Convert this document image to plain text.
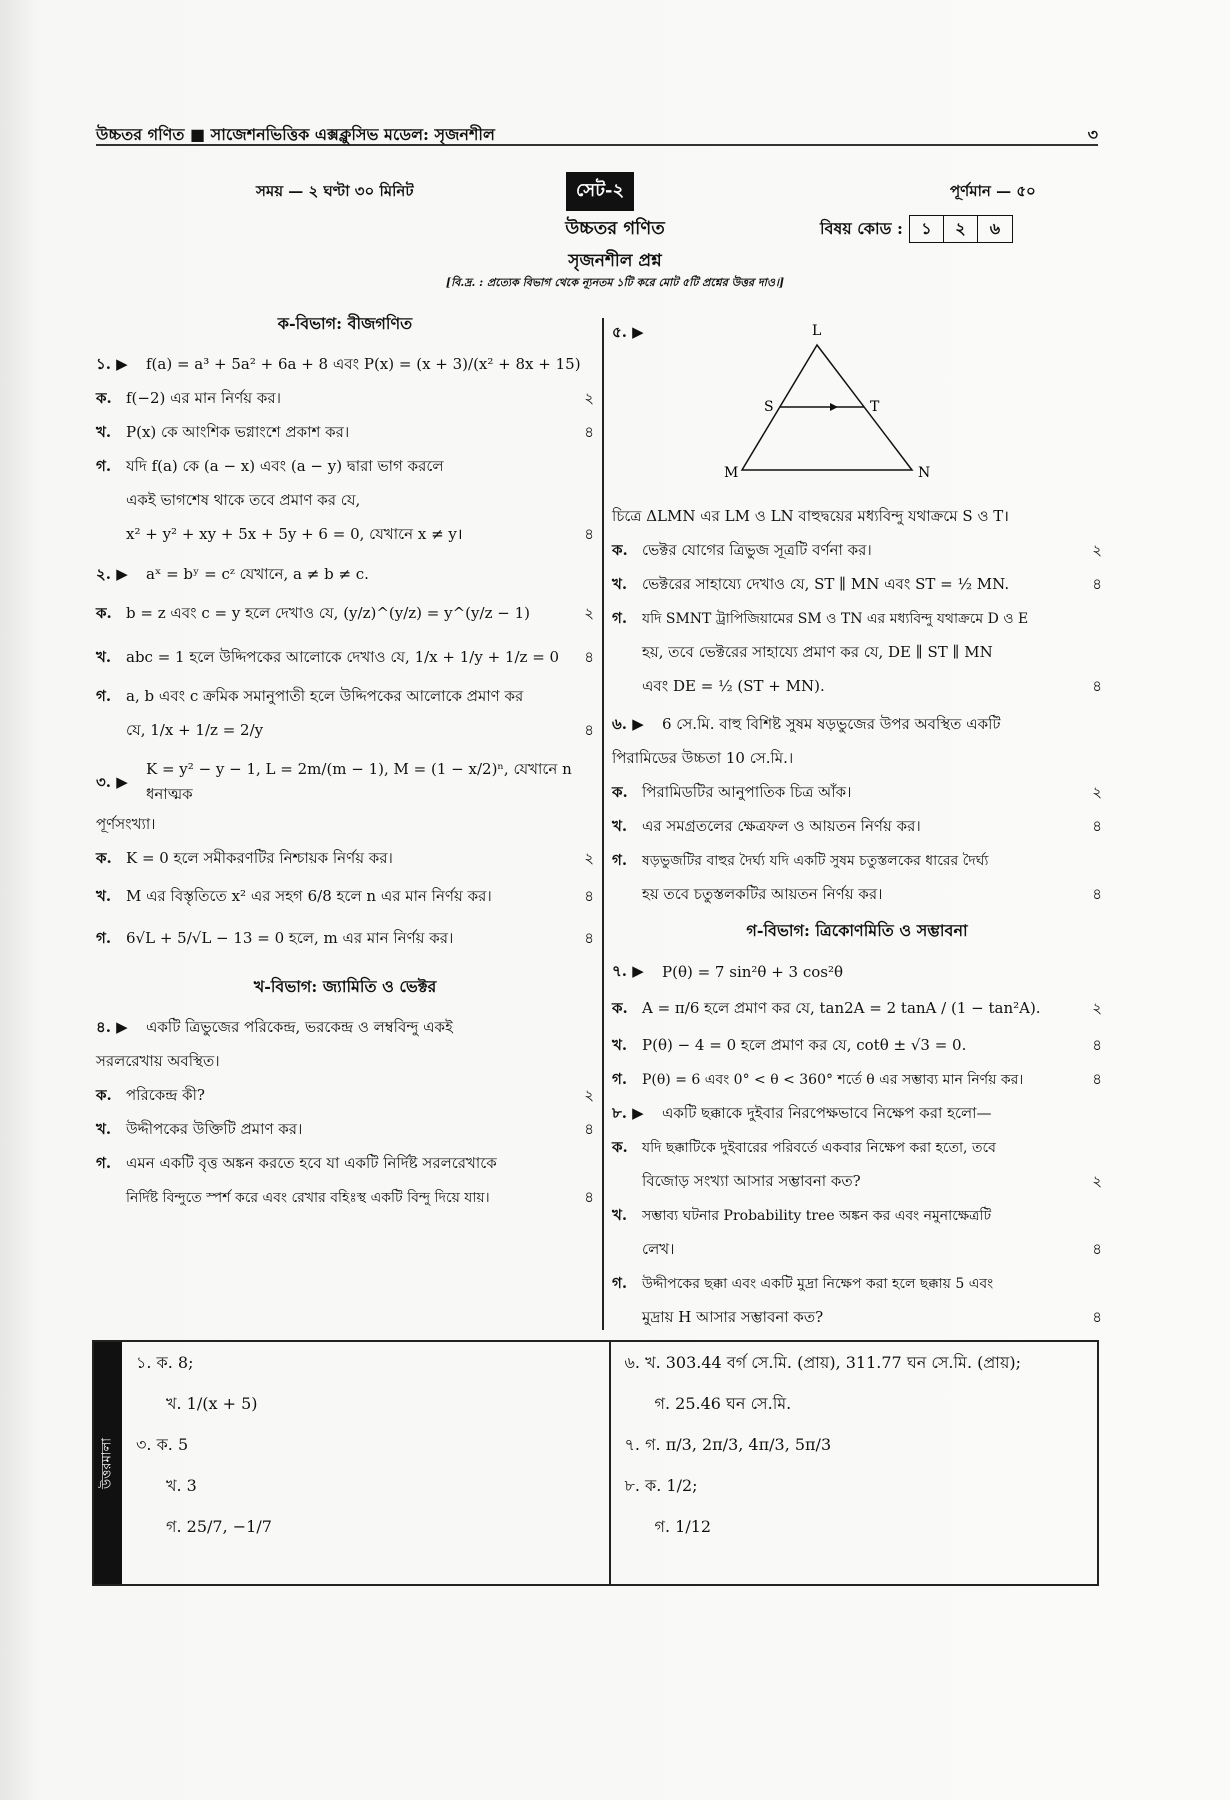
উচ্চতর গণিত ■ সাজেশনভিত্তিক এক্সক্লুসিভ মডেল: সৃজনশীল	৩
সময় — ২ ঘণ্টা ৩০ মিনিট	সেট-২	পূর্ণমান — ৫০
উচ্চতর গণিত	বিষয় কোড :	১	২	৬
সৃজনশীল প্রশ্ন
[বি.দ্র. : প্রত্যেক বিভাগ থেকে ন্যূনতম ১টি করে মোট ৫টি প্রশ্নের উত্তর দাও।]
ক-বিভাগ: বীজগণিত
১. ▶	f(a) = a³ + 5a² + 6a + 8 এবং P(x) = (x + 3)/(x² + 8x + 15)
ক. f(−2) এর মান নির্ণয় কর।	২
খ. P(x) কে আংশিক ভগ্নাংশে প্রকাশ কর।	৪
গ. যদি f(a) কে (a − x) এবং (a − y) দ্বারা ভাগ করলে
একই ভাগশেষ থাকে তবে প্রমাণ কর যে,
x² + y² + xy + 5x + 5y + 6 = 0, যেখানে x ≠ y।	৪
২. ▶	aˣ = bʸ = cᶻ যেখানে, a ≠ b ≠ c.
ক. b = z এবং c = y হলে দেখাও যে, (y/z)^(y/z) = y^(y/z − 1)	২
খ. abc = 1 হলে উদ্দিপকের আলোকে দেখাও যে, 1/x + 1/y + 1/z = 0	৪
গ. a, b এবং c ক্রমিক সমানুপাতী হলে উদ্দিপকের আলোকে প্রমাণ কর
যে, 1/x + 1/z = 2/y	৪
৩. ▶
K = y² − y − 1, L = 2m/(m − 1), M = (1 − x/2)ⁿ, যেখানে n ধনাত্মক
পূর্ণসংখ্যা।
ক. K = 0 হলে সমীকরণটির নিশ্চায়ক নির্ণয় কর।	২
খ. M এর বিস্তৃতিতে x² এর সহগ 6/8 হলে n এর মান নির্ণয় কর।	৪
গ. 6√L + 5/√L − 13 = 0 হলে, m এর মান নির্ণয় কর।	৪
খ-বিভাগ: জ্যামিতি ও ভেক্টর
৪. ▶	একটি ত্রিভুজের পরিকেন্দ্র, ভরকেন্দ্র ও লম্ববিন্দু একই
সরলরেখায় অবস্থিত।
ক. পরিকেন্দ্র কী?	২
খ. উদ্দীপকের উক্তিটি প্রমাণ কর।	৪
গ. এমন একটি বৃত্ত অঙ্কন করতে হবে যা একটি নির্দিষ্ট সরলরেখাকে
নির্দিষ্ট বিন্দুতে স্পর্শ করে এবং রেখার বহিঃস্থ একটি বিন্দু দিয়ে যায়।	৪
৫. ▶	L
S	T
M	N
চিত্রে ΔLMN এর LM ও LN বাহুদ্বয়ের মধ্যবিন্দু যথাক্রমে S ও T।
ক. ভেক্টর যোগের ত্রিভুজ সূত্রটি বর্ণনা কর।	২
খ. ভেক্টরের সাহায্যে দেখাও যে, ST ∥ MN এবং ST = ½ MN.	৪
গ.	যদি SMNT ট্রাপিজিয়ামের SM ও TN এর মধ্যবিন্দু যথাক্রমে D ও E
হয়, তবে ভেক্টরের সাহায্যে প্রমাণ কর যে, DE ∥ ST ∥ MN
এবং DE = ½ (ST + MN).	৪
৬. ▶	6 সে.মি. বাহু বিশিষ্ট সুষম ষড়ভুজের উপর অবস্থিত একটি
পিরামিডের উচ্চতা 10 সে.মি.।
ক. পিরামিডটির আনুপাতিক চিত্র আঁক।	২
খ. এর সমগ্রতলের ক্ষেত্রফল ও আয়তন নির্ণয় কর।	৪
গ.	ষড়ভুজটির বাহুর দৈর্ঘ্য যদি একটি সুষম চতুস্তলকের ধারের দৈর্ঘ্য
হয় তবে চতুস্তলকটির আয়তন নির্ণয় কর।	৪
গ-বিভাগ: ত্রিকোণমিতি ও সম্ভাবনা
৭. ▶	P(θ) = 7 sin²θ + 3 cos²θ
ক. A = π/6 হলে প্রমাণ কর যে, tan2A = 2 tanA / (1 − tan²A).	২
খ. P(θ) − 4 = 0 হলে প্রমাণ কর যে, cotθ ± √3 = 0.	৪
গ.	P(θ) = 6 এবং 0° < θ < 360° শর্তে θ এর সম্ভাব্য মান নির্ণয় কর।	৪
৮. ▶	একটি ছক্কাকে দুইবার নিরপেক্ষভাবে নিক্ষেপ করা হলো—
ক.	যদি ছক্কাটিকে দুইবারের পরিবর্তে একবার নিক্ষেপ করা হতো, তবে
বিজোড় সংখ্যা আসার সম্ভাবনা কত?	২
খ.	সম্ভাব্য ঘটনার Probability tree অঙ্কন কর এবং নমুনাক্ষেত্রটি
লেখ।	৪
গ.	উদ্দীপকের ছক্কা এবং একটি মুদ্রা নিক্ষেপ করা হলে ছক্কায় 5 এবং
মুদ্রায় H আসার সম্ভাবনা কত?	৪
উত্তরমালা
১. ক. 8;
খ. 1/(x + 5)
৩. ক. 5
খ. 3
গ. 25/7, −1/7
৬. খ. 303.44 বর্গ সে.মি. (প্রায়), 311.77 ঘন সে.মি. (প্রায়);
গ. 25.46 ঘন সে.মি.
৭. গ. π/3, 2π/3, 4π/3, 5π/3
৮. ক. 1/2;
গ. 1/12
